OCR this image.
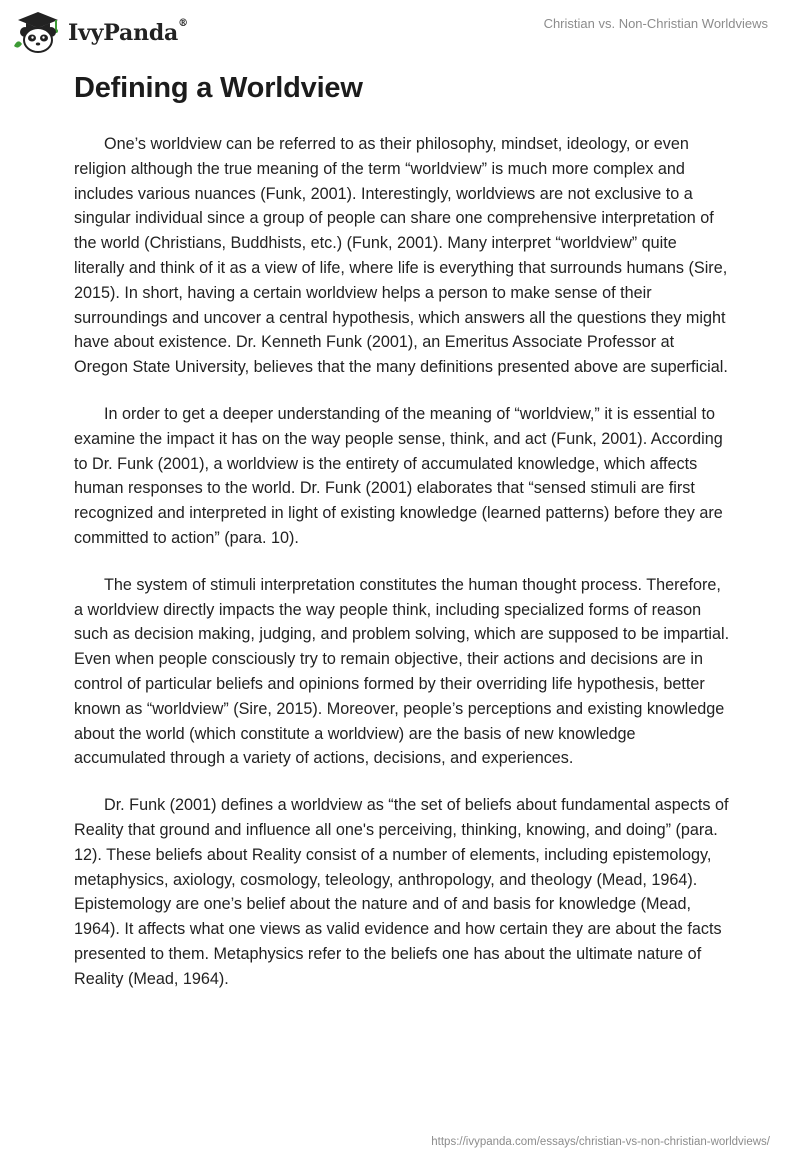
IvyPanda®	Christian vs. Non-Christian Worldviews
Defining a Worldview

One’s worldview can be referred to as their philosophy, mindset, ideology, or even religion although the true meaning of the term “worldview” is much more complex and includes various nuances (Funk, 2001). Interestingly, worldviews are not exclusive to a singular individual since a group of people can share one comprehensive interpretation of the world (Christians, Buddhists, etc.) (Funk, 2001). Many interpret “worldview” quite literally and think of it as a view of life, where life is everything that surrounds humans (Sire, 2015). In short, having a certain worldview helps a person to make sense of their surroundings and uncover a central hypothesis, which answers all the questions they might have about existence. Dr. Kenneth Funk (2001), an Emeritus Associate Professor at Oregon State University, believes that the many definitions presented above are superficial.

In order to get a deeper understanding of the meaning of “worldview,” it is essential to examine the impact it has on the way people sense, think, and act (Funk, 2001). According to Dr. Funk (2001), a worldview is the entirety of accumulated knowledge, which affects human responses to the world. Dr. Funk (2001) elaborates that “sensed stimuli are first recognized and interpreted in light of existing knowledge (learned patterns) before they are committed to action” (para. 10).

The system of stimuli interpretation constitutes the human thought process. Therefore, a worldview directly impacts the way people think, including specialized forms of reason such as decision making, judging, and problem solving, which are supposed to be impartial. Even when people consciously try to remain objective, their actions and decisions are in control of particular beliefs and opinions formed by their overriding life hypothesis, better known as “worldview” (Sire, 2015). Moreover, people’s perceptions and existing knowledge about the world (which constitute a worldview) are the basis of new knowledge accumulated through a variety of actions, decisions, and experiences.

Dr. Funk (2001) defines a worldview as “the set of beliefs about fundamental aspects of Reality that ground and influence all one's perceiving, thinking, knowing, and doing” (para. 12). These beliefs about Reality consist of a number of elements, including epistemology, metaphysics, axiology, cosmology, teleology, anthropology, and theology (Mead, 1964). Epistemology are one’s belief about the nature and of and basis for knowledge (Mead, 1964). It affects what one views as valid evidence and how certain they are about the facts presented to them. Metaphysics refer to the beliefs one has about the ultimate nature of Reality (Mead, 1964).

https://ivypanda.com/essays/christian-vs-non-christian-worldviews/
